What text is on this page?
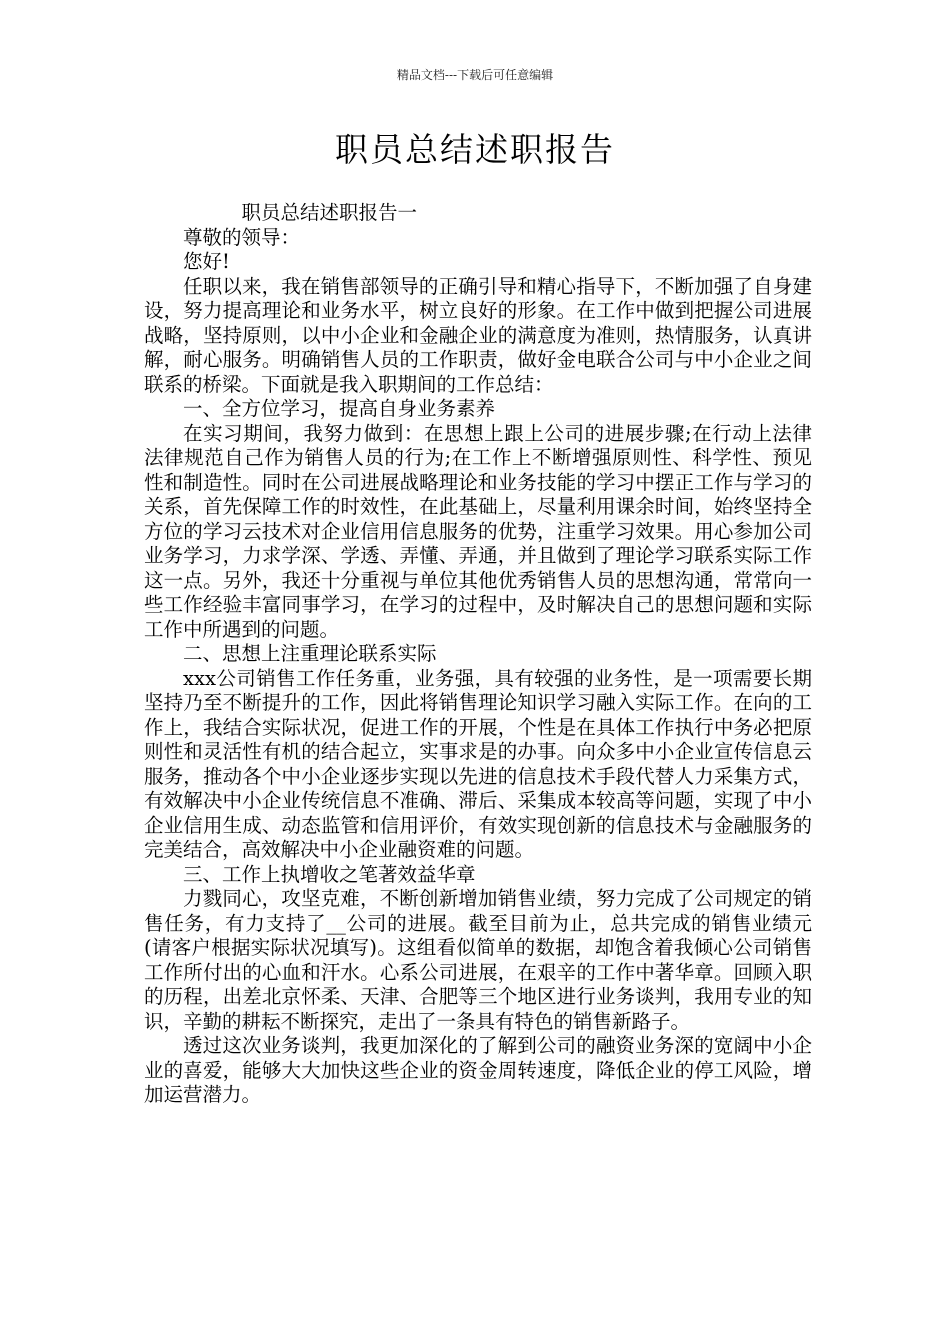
精品文档---下载后可任意编辑
职员总结述职报告

职员总结述职报告一

尊敬的领导：

您好!

任职以来，我在销售部领导的正确引导和精心指导下，不断加强了自身建设，努力提高理论和业务水平，树立良好的形象。在工作中做到把握公司进展战略，坚持原则，以中小企业和金融企业的满意度为准则，热情服务，认真讲解，耐心服务。明确销售人员的工作职责，做好金电联合公司与中小企业之间联系的桥梁。下面就是我入职期间的工作总结：

一、全方位学习，提高自身业务素养

在实习期间，我努力做到：在思想上跟上公司的进展步骤;在行动上法律法律规范自己作为销售人员的行为;在工作上不断增强原则性、科学性、预见性和制造性。同时在公司进展战略理论和业务技能的学习中摆正工作与学习的关系，首先保障工作的时效性，在此基础上，尽量利用课余时间，始终坚持全方位的学习云技术对企业信用信息服务的优势，注重学习效果。用心参加公司业务学习，力求学深、学透、弄懂、弄通，并且做到了理论学习联系实际工作这一点。另外，我还十分重视与单位其他优秀销售人员的思想沟通，常常向一些工作经验丰富同事学习，在学习的过程中，及时解决自己的思想问题和实际工作中所遇到的问题。

二、思想上注重理论联系实际

xxx公司销售工作任务重，业务强，具有较强的业务性，是一项需要长期坚持乃至不断提升的工作，因此将销售理论知识学习融入实际工作。在向的工作上，我结合实际状况，促进工作的开展，个性是在具体工作执行中务必把原则性和灵活性有机的结合起立，实事求是的办事。向众多中小企业宣传信息云服务，推动各个中小企业逐步实现以先进的信息技术手段代替人力采集方式，有效解决中小企业传统信息不准确、滞后、采集成本较高等问题，实现了中小企业信用生成、动态监管和信用评价，有效实现创新的信息技术与金融服务的完美结合，高效解决中小企业融资难的问题。

三、工作上执增收之笔著效益华章

力戮同心，攻坚克难，不断创新增加销售业绩，努力完成了公司规定的销售任务，有力支持了__公司的进展。截至目前为止，总共完成的销售业绩元(请客户根据实际状况填写)。这组看似简单的数据，却饱含着我倾心公司销售工作所付出的心血和汗水。心系公司进展，在艰辛的工作中著华章。回顾入职的历程，出差北京怀柔、天津、合肥等三个地区进行业务谈判，我用专业的知识，辛勤的耕耘不断探究，走出了一条具有特色的销售新路子。

透过这次业务谈判，我更加深化的了解到公司的融资业务深的宽阔中小企业的喜爱，能够大大加快这些企业的资金周转速度，降低企业的停工风险，增加运营潜力。
